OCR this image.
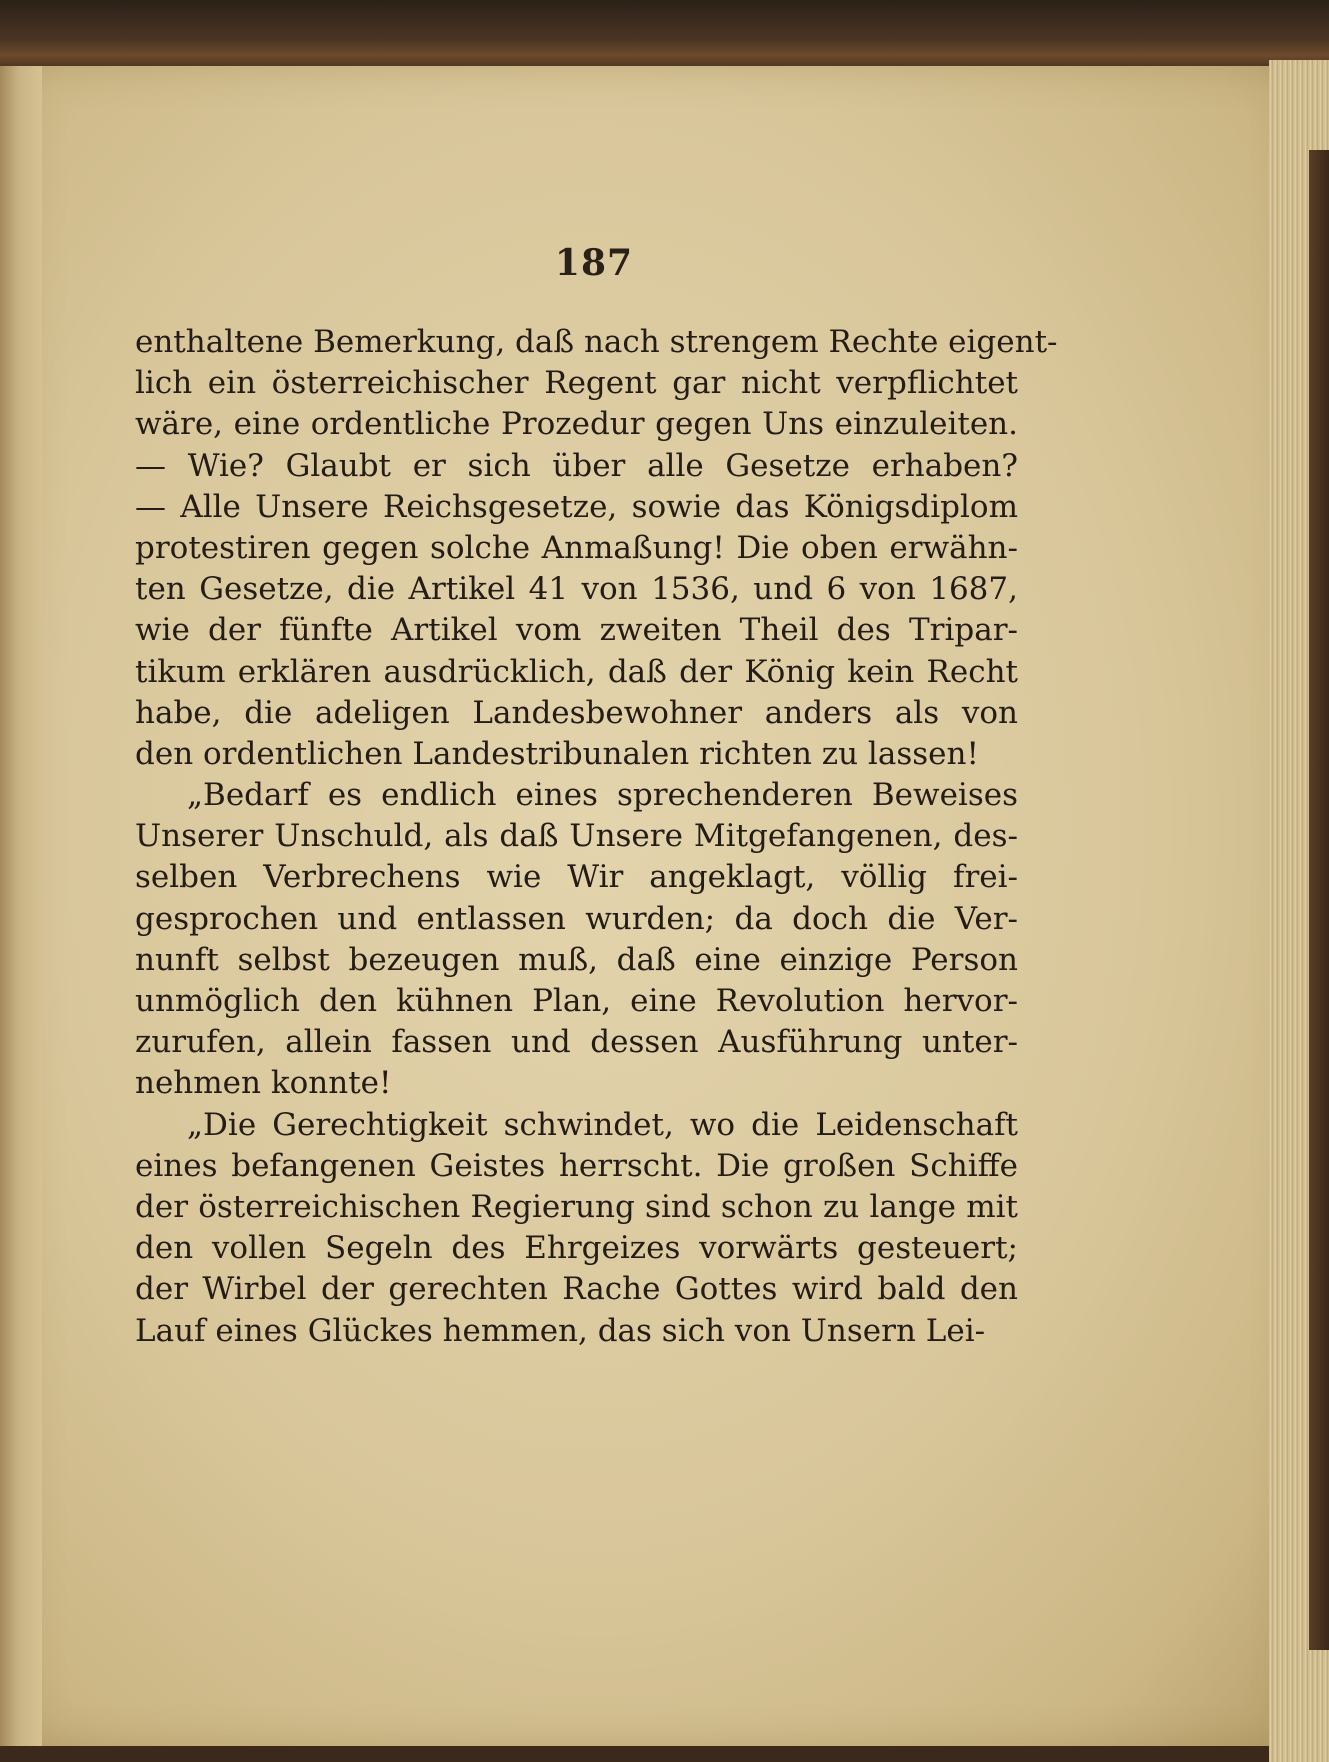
187
enthaltene Bemerkung, daß nach strengem Rechte eigent-
lich ein österreichischer Regent gar nicht verpflichtet
wäre, eine ordentliche Prozedur gegen Uns einzuleiten.
— Wie? Glaubt er sich über alle Gesetze erhaben?
— Alle Unsere Reichsgesetze, sowie das Königsdiplom
protestiren gegen solche Anmaßung! Die oben erwähn-
ten Gesetze, die Artikel 41 von 1536, und 6 von 1687,
wie der fünfte Artikel vom zweiten Theil des Tripar-
tikum erklären ausdrücklich, daß der König kein Recht
habe, die adeligen Landesbewohner anders als von
den ordentlichen Landestribunalen richten zu lassen!
„Bedarf es endlich eines sprechenderen Beweises
Unserer Unschuld, als daß Unsere Mitgefangenen, des-
selben Verbrechens wie Wir angeklagt, völlig frei-
gesprochen und entlassen wurden; da doch die Ver-
nunft selbst bezeugen muß, daß eine einzige Person
unmöglich den kühnen Plan, eine Revolution hervor-
zurufen, allein fassen und dessen Ausführung unter-
nehmen konnte!
„Die Gerechtigkeit schwindet, wo die Leidenschaft
eines befangenen Geistes herrscht. Die großen Schiffe
der österreichischen Regierung sind schon zu lange mit
den vollen Segeln des Ehrgeizes vorwärts gesteuert;
der Wirbel der gerechten Rache Gottes wird bald den
Lauf eines Glückes hemmen, das sich von Unsern Lei-
